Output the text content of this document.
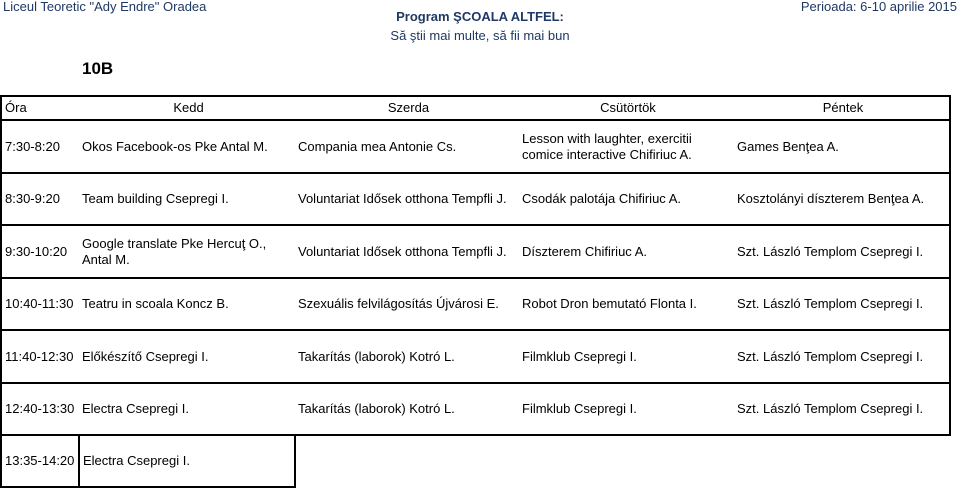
Liceul Teoretic "Ady Endre" Oradea
Program ŞCOALA ALTFEL:
Să ştii mai multe, să fii mai bun
Perioada: 6-10 aprilie 2015
10B
Óra	Kedd	Szerda	Csütörtök	Péntek
7:30-8:20	Okos Facebook-os Pke Antal M.	Compania mea Antonie Cs.	Lesson with laughter, exercitii comice interactive Chifiriuc A.	Games Benţea A.
8:30-9:20	Team building Csepregi I.	Voluntariat Idősek otthona Tempfli J.	Csodák palotája Chifiriuc A.	Kosztolányi díszterem Benţea A.
9:30-10:20	Google translate Pke Hercuţ O., Antal M.	Voluntariat Idősek otthona Tempfli J.	Díszterem Chifiriuc A.	Szt. László Templom Csepregi I.
10:40-11:30	Teatru in scoala Koncz B.	Szexuális felvilágosítás Újvárosi E.	Robot Dron bemutató Flonta I.	Szt. László Templom Csepregi I.
11:40-12:30	Előkészítő Csepregi I.	Takarítás (laborok) Kotró L.	Filmklub Csepregi I.	Szt. László Templom Csepregi I.
12:40-13:30	Electra Csepregi I.	Takarítás (laborok) Kotró L.	Filmklub Csepregi I.	Szt. László Templom Csepregi I.
13:35-14:20	Electra Csepregi I.			
